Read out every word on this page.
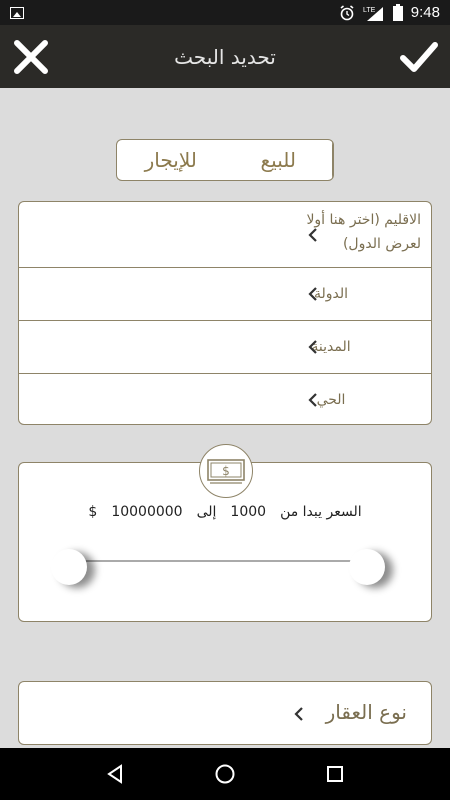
LTE 9:48
تحديد البحث
للإيجار	للبيع
الاقليم (اختر هنا أولا
لعرض الدول)
الدولة
المدينة
الحي
$
السعر يبدا من
1000
إلى
10000000
$
نوع العقار
